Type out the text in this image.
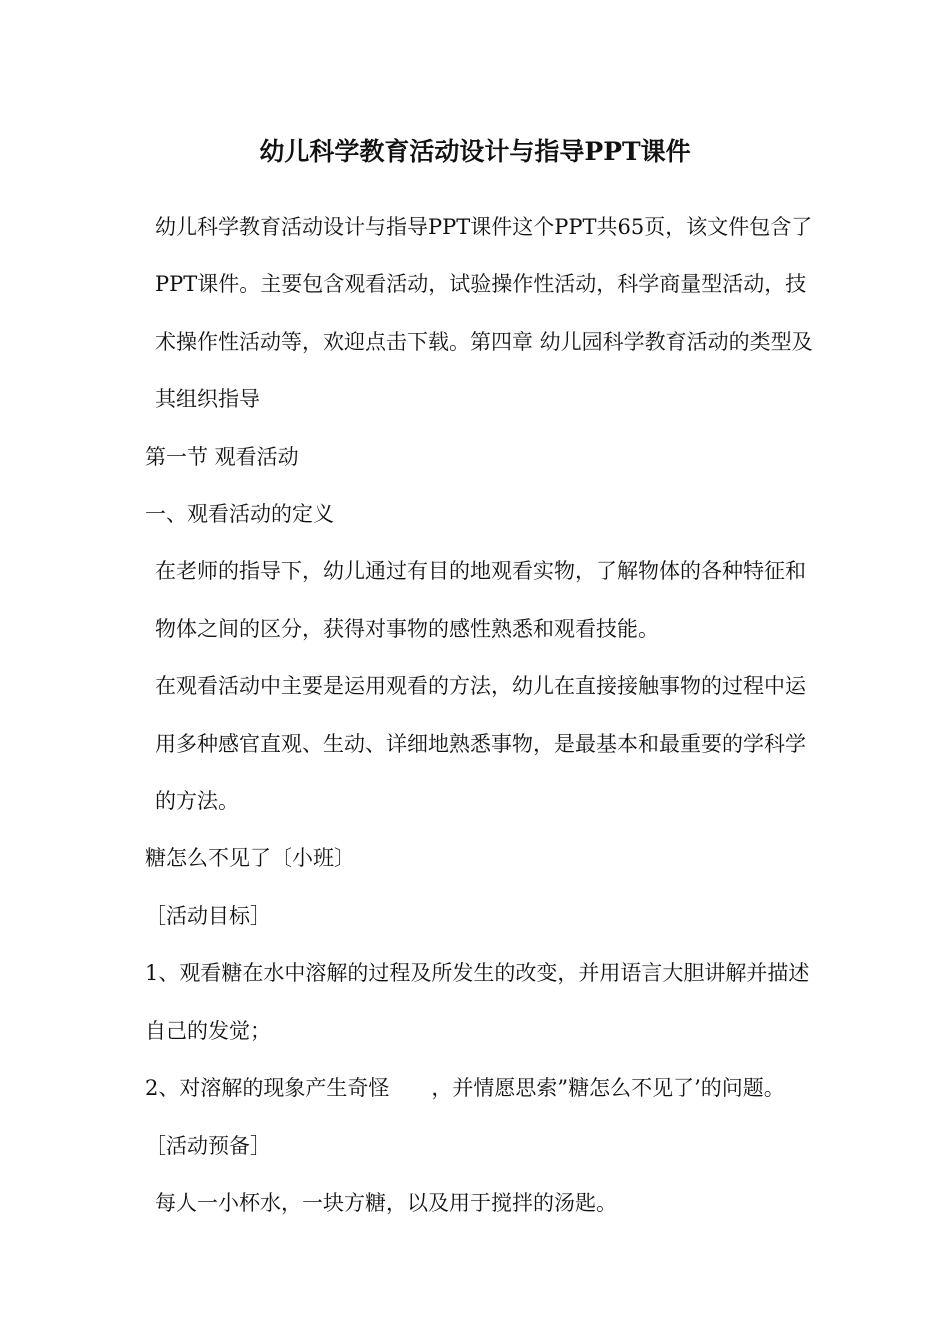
幼儿科学教育活动设计与指导PPT课件

幼儿科学教育活动设计与指导PPT课件这个PPT共65页，该文件包含了PPT课件。主要包含观看活动，试验操作性活动，科学商量型活动，技术操作性活动等，欢迎点击下载。第四章 幼儿园科学教育活动的类型及其组织指导

第一节 观看活动

一、观看活动的定义

在老师的指导下，幼儿通过有目的地观看实物，了解物体的各种特征和物体之间的区分，获得对事物的感性熟悉和观看技能。

在观看活动中主要是运用观看的方法，幼儿在直接接触事物的过程中运用多种感官直观、生动、详细地熟悉事物，是最基本和最重要的学科学的方法。

糖怎么不见了〔小班〕

［活动目标］

1、观看糖在水中溶解的过程及所发生的改变，并用语言大胆讲解并描述自己的发觉；

2、对溶解的现象产生奇怪　　，并情愿思索”糖怎么不见了’的问题。

［活动预备］

每人一小杯水，一块方糖，以及用于搅拌的汤匙。
